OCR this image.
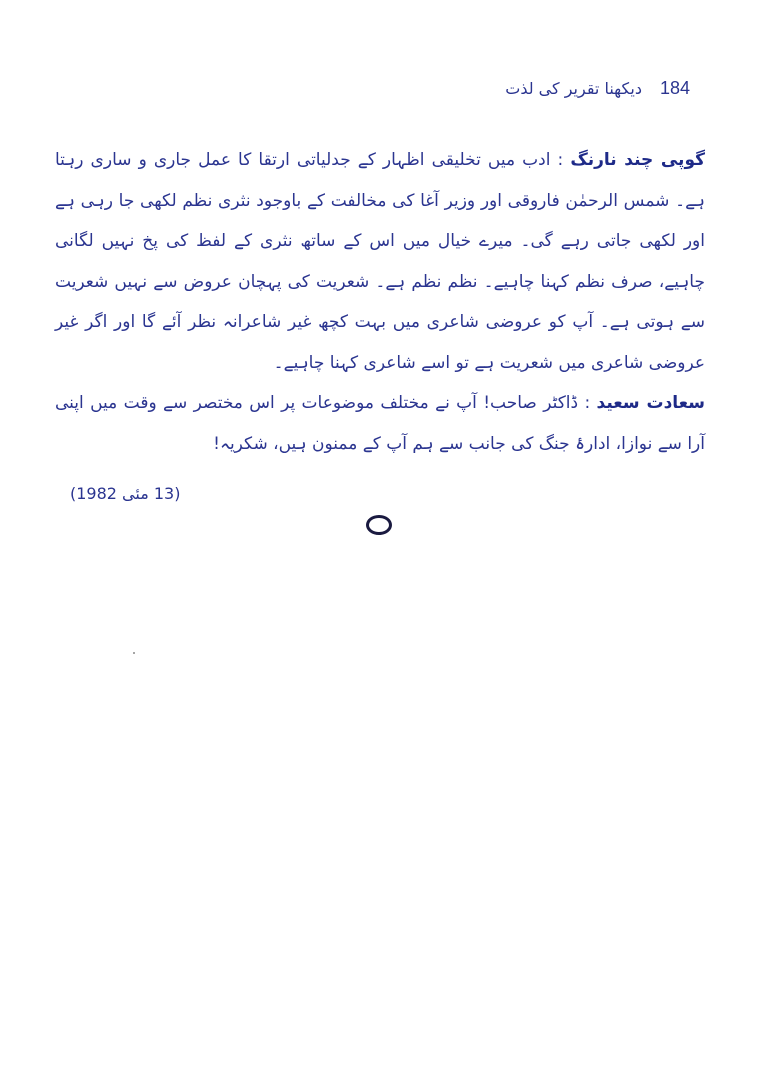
184
دیکھنا تقریر کی لذت

گوپی چند نارنگ : ادب میں تخلیقی اظہار کے جدلیاتی ارتقا کا عمل جاری و ساری رہتا ہے۔ شمس الرحمٰن فاروقی اور وزیر آغا کی مخالفت کے باوجود نثری نظم لکھی جا رہی ہے اور لکھی جاتی رہے گی۔ میرے خیال میں اس کے ساتھ نثری کے لفظ کی پخ نہیں لگانی چاہیے، صرف نظم کہنا چاہیے۔ نظم نظم ہے۔ شعریت کی پہچان عروض سے نہیں شعریت سے ہوتی ہے۔ آپ کو عروضی شاعری میں بہت کچھ غیر شاعرانہ نظر آئے گا اور اگر غیر عروضی شاعری میں شعریت ہے تو اسے شاعری کہنا چاہیے۔

سعادت سعید : ڈاکٹر صاحب! آپ نے مختلف موضوعات پر اس مختصر سے وقت میں اپنی آرا سے نوازا، ادارۂ جنگ کی جانب سے ہم آپ کے ممنون ہیں، شکریہ!

(13 مئی 1982)
